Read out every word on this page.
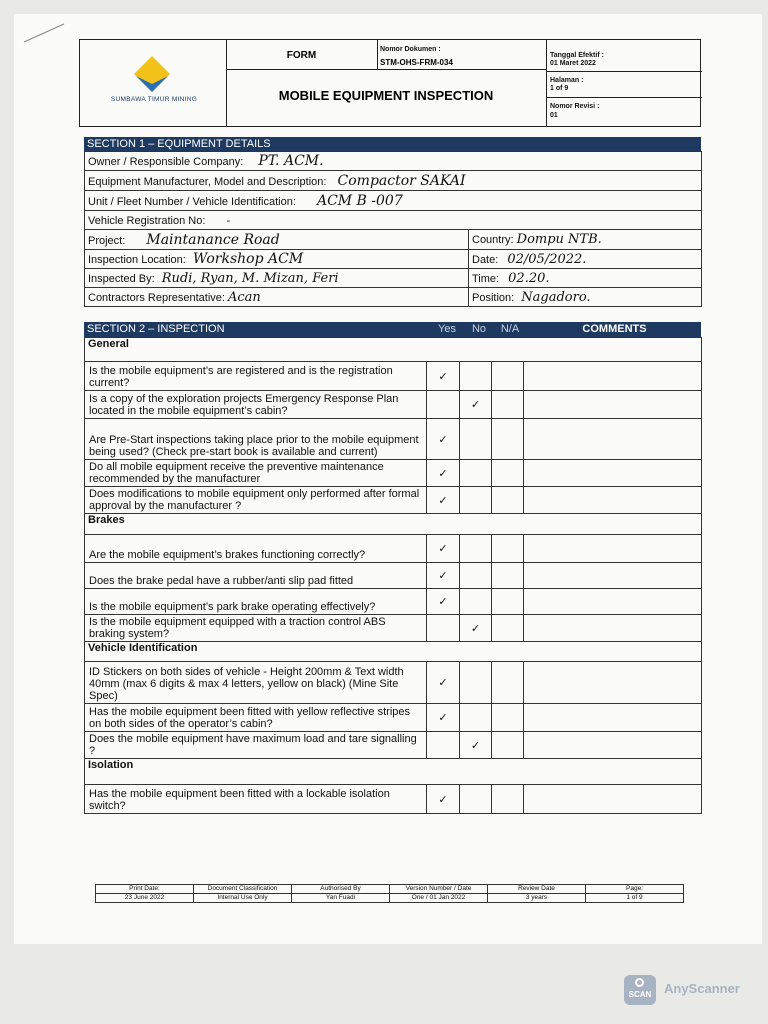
SUMBAWA TIMUR MINING
FORM
Nomor Dokumen :
STM-OHS-FRM-034
MOBILE EQUIPMENT INSPECTION
Tanggal Efektif :
01 Maret 2022
Halaman :
1 of 9
Nomor Revisi :
01
SECTION 1 – EQUIPMENT DETAILS
Owner / Responsible Company: PT. ACM.	
Equipment Manufacturer, Model and Description: Compactor SAKAI	
Unit / Fleet Number / Vehicle Identification: ACM B -007	
Vehicle Registration No: -	
Project: Maintanance Road	Country: Dompu NTB.
Inspection Location: Workshop ACM	Date: 02/05/2022.
Inspected By: Rudi, Ryan, M. Mizan, Feri	Time: 02.20.
Contractors Representative: Acan	Position: Nagadoro.
SECTION 2 – INSPECTION	Yes	No	N/A	COMMENTS
General				
Is the mobile equipment’s are registered and is the registration current?	✓			
Is a copy of the exploration projects Emergency Response Plan located in the mobile equipment’s cabin?		✓		
Are Pre-Start inspections taking place prior to the mobile equipment being used? (Check pre-start book is available and current)	✓			
Do all mobile equipment receive the preventive maintenance recommended by the manufacturer	✓			
Does modifications to mobile equipment only performed after formal approval by the manufacturer ?	✓			
Brakes				
Are the mobile equipment’s brakes functioning correctly?	✓			
Does the brake pedal have a rubber/anti slip pad fitted	✓			
Is the mobile equipment’s park brake operating effectively?	✓			
Is the mobile equipment equipped with a traction control ABS braking system?		✓		
Vehicle Identification				
ID Stickers on both sides of vehicle - Height 200mm & Text width 40mm (max 6 digits & max 4 letters, yellow on black) (Mine Site Spec)	✓			
Has the mobile equipment been fitted with yellow reflective stripes on both sides of the operator’s cabin?	✓			
Does the mobile equipment have maximum load and tare signalling ?		✓		
Isolation				
Has the mobile equipment been fitted with a lockable isolation switch?	✓			
Print Date:	Document Classification	Authorised By	Version Number / Date	Review Date	Page:
23 June 2022	Internal Use Only	Yan Fuadi	One / 01 Jan 2022	3 years	1 of 9
SCAN AnyScanner
